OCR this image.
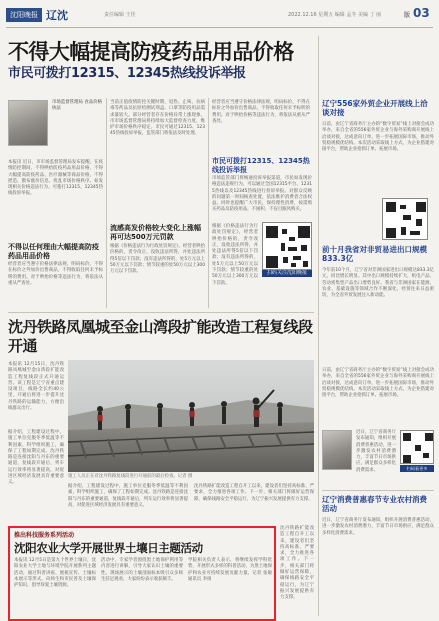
沈阳晚报 辽沈	责任编辑 王佳	2022.12.16 星期五 编辑 孟冬 美编 丁 丽	版 03
不得大幅提高防疫药品用品价格
市民可拨打12315、12345热线投诉举报
市场监督管理局 食品价格执法
本报讯 近日，市市场监督管理局发布提醒，在疫情防控期间，不得哄抬防疫药品用品价格，不得大幅提高防疫药品、医疗器械等商品价格，不得捏造、散布涨价信息，扰乱市场价格秩序。如发现相关价格违法行为，可拨打12315、12345热线投诉举报。
不得以任何理由大幅提高防疫药品用品价格
经营者应当遵守价格法律法规，明码标价，不得在标价之外加价出售商品，不得收取任何未予标明的费用。对于哄抬价格等违法行为，将依法从重从严查处。
当前正值疫情防控关键时期，退热、止咳、抗病毒等药品及抗原检测试剂盒、口罩等防疫用品需求量较大。部分经营者存在价格异常上涨现象，市市场监督管理局将持续加大监督检查力度，维护市场价格秩序稳定。市民可通过12315、12345热线投诉举报，监管部门将依法及时处理。
流感高发价格较大变化上涨幅再可达500万元罚款
根据《价格违法行为行政处罚规定》，经营者哄抬价格的，责令改正，没收违法所得，并处违法所得5倍以下罚款；没有违法所得的，处5万元以上50万元以下罚款；情节较重的处50万元以上300万元以下罚款。
经营者应当遵守价格法律法规，明码标价，不得在标价之外加价出售商品，不得收取任何未予标明的费用。对于哄抬价格等违法行为，将依法从重从严查处。
市民可拨打12315、12345热线投诉举报
市场监管部门将畅通投诉举报渠道，市民如发现价格违法违规行为，可以通过全国12315平台、12315热线以及12345热线进行投诉举报。对群众反映的问题第一时间核查处置，依法维护消费者合法权益。同时也提醒广大市民，保持理性消费，按需购买药品及防疫用品，不囤积、不盲目跟风购买。
根据《价格违法行为行政处罚规定》，经营者哄抬价格的，责令改正，没收违法所得，并处违法所得5倍以下罚款；没有违法所得的，处5万元以上50万元以下罚款；情节较重的处50万元以上300万元以下罚款。
扫码关注沈阳晚报
辽宁556家外贸企业开展线上洽谈对接
日前，由辽宁省商务厅主办的“数字贸易”线上对接会成功举办，来自全省的556家外贸企业与海外采购商开展线上洽谈对接，达成意向订单，进一步拓展国际市场，推动外贸稳规模优结构。本次活动采取线上方式，为企业搭建对接平台，帮助企业抢抓订单、拓展市场。
前十月我省对非贸易进出口规模833.3亿
今年前10个月，辽宁省对非洲国家进出口规模达833.3亿元，同比增长明显。其中出口规模持续扩大，机电产品、劳动密集型产品出口增势良好。我省与非洲国家在能源、农业、基础设施等领域合作不断深化，经贸往来日益密切，为全省外贸发展注入新动能。
日前，由辽宁省商务厅主办的“数字贸易”线上对接会成功举办，来自全省的556家外贸企业与海外采购商开展线上洽谈对接，达成意向订单，进一步拓展国际市场，推动外贸稳规模优结构。本次活动采取线上方式，为企业搭建对接平台，帮助企业抢抓订单、拓展市场。
近日，辽宁省商务厅发布通知，组织开展消费普惠活动，进一步激发农村消费潜力，丰富节日市场供应，满足群众多样化消费需求。	扫码看更多
辽宁消费普惠春节专业农村消费活动
近日，辽宁省商务厅发布通知，组织开展消费普惠活动，进一步激发农村消费潜力，丰富节日市场供应，满足群众多样化消费需求。
沈丹铁路凤凰城至金山湾段扩能改造工程复线段开通
本报讯 12月15日，沈丹铁路凤凰城至金山湾段扩能改造工程复线段正式开通运营。该工程是辽宁省重点建设项目，线路全长约40公里，开通后将进一步提升沈丹铁路的运输能力，方便沿线群众出行。
据介绍，工程建设过程中，施工单位克服冬季低温等不利因素，科学组织施工，确保了工程如期完成。沈丹铁路是连接沈阳与丹东的重要通道，复线段开通后，列车运行效率将显著提高，对促进区域经济发展具有重要意义。
施工人员正在对沈丹铁路复线段进行开通前的最后检查。记者 摄
据介绍，工程建设过程中，施工单位克服冬季低温等不利因素，科学组织施工，确保了工程如期完成。沈丹铁路是连接沈阳与丹东的重要通道，复线段开通后，列车运行效率将显著提高，对促进区域经济发展具有重要意义。
沈丹铁路扩能改造工程自开工以来，建设者们坚持高标准、严要求，全力推进各项工作。下一步，相关部门将做好运营保障，确保线路安全平稳运行，为辽宁振兴发展提供有力支撑。
推出科技服务系列活动
沈阳农业大学开展世界土壤日主题活动
本报讯 12月5日是第九个世界土壤日，沈阳农业大学土地与环境学院开展系列主题活动，通过科普讲座、展板宣传、土壤标本展示等形式，向师生和市民普及土壤保护知识，倡导珍爱土壤资源。
活动中，专家学者围绕黑土地保护利用等内容进行讲解，引导大家认识土壤的重要性。现场展示的土壤剖面标本吸引众多师生驻足观看，大家纷纷表示收获颇丰。
学院相关负责人表示，将继续发挥学科优势，开展形式多样的科普活动，为黑土地保护和农业可持续发展贡献力量。记者 张敏 通讯员 李扬
沈丹铁路扩能改造工程自开工以来，建设者们坚持高标准、严要求，全力推进各项工作。下一步，相关部门将做好运营保障，确保线路安全平稳运行，为辽宁振兴发展提供有力支撑。
